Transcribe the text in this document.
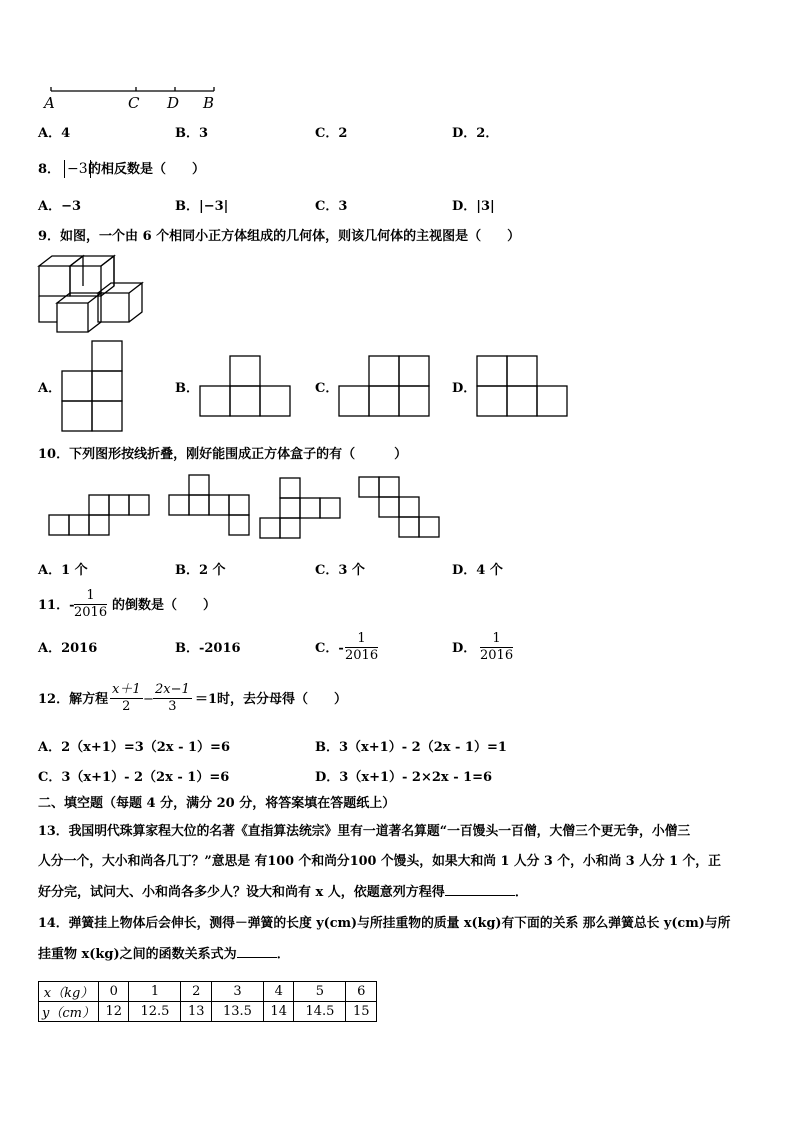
A	C D B
A．4	B．3	C．2	D．2．
8． −3 的相反数是（　　）
A．−3	B．|−3|	C．3	D．|3|
9．如图，一个由 6 个相同小正方体组成的几何体，则该几何体的主视图是（　　）
A．	B．	C．	D．
10．下列图形按线折叠，刚好能围成正方体盒子的有（　　　）
A．1 个	B．2 个	C．3 个	D．4 个
11．- $\frac{1}{2016}$ 的倒数是（　　）
A．2016	B．-2016	C．- $\frac{1}{2016}$	D． $\frac{1}{2016}$
12．解方程 $\frac{x+1}{2} - \frac{2x-1}{3} =1$时，去分母得（　　）
A．2（x+1）=3（2x - 1）=6	B．3（x+1）- 2（2x - 1）=1
C．3（x+1）- 2（2x - 1）=6	D．3（x+1）- 2×2x - 1=6
二、填空题（每题 4 分，满分 20 分，将答案填在答题纸上）
13．我国明代珠算家程大位的名著《直指算法统宗》里有一道著名算题“一百馒头一百僧，大僧三个更无争，小僧三
人分一个，大小和尚各几丁？”意思是 有100 个和尚分100 个馒头，如果大和尚 1 人分 3 个，小和尚 3 人分 1 个，正
好分完，试问大、小和尚各多少人？设大和尚有 x 人，依题意列方程得	．
14．弹簧挂上物体后会伸长，测得－弹簧的长度 y(cm)与所挂重物的质量 x(kg)有下面的关系 那么弹簧总长 y(cm)与所
挂重物 x(kg)之间的函数关系式为	．
x（kg）	0	1	2	3	4	5	6
y（cm）	12	12.5	13	13.5	14	14.5	15
